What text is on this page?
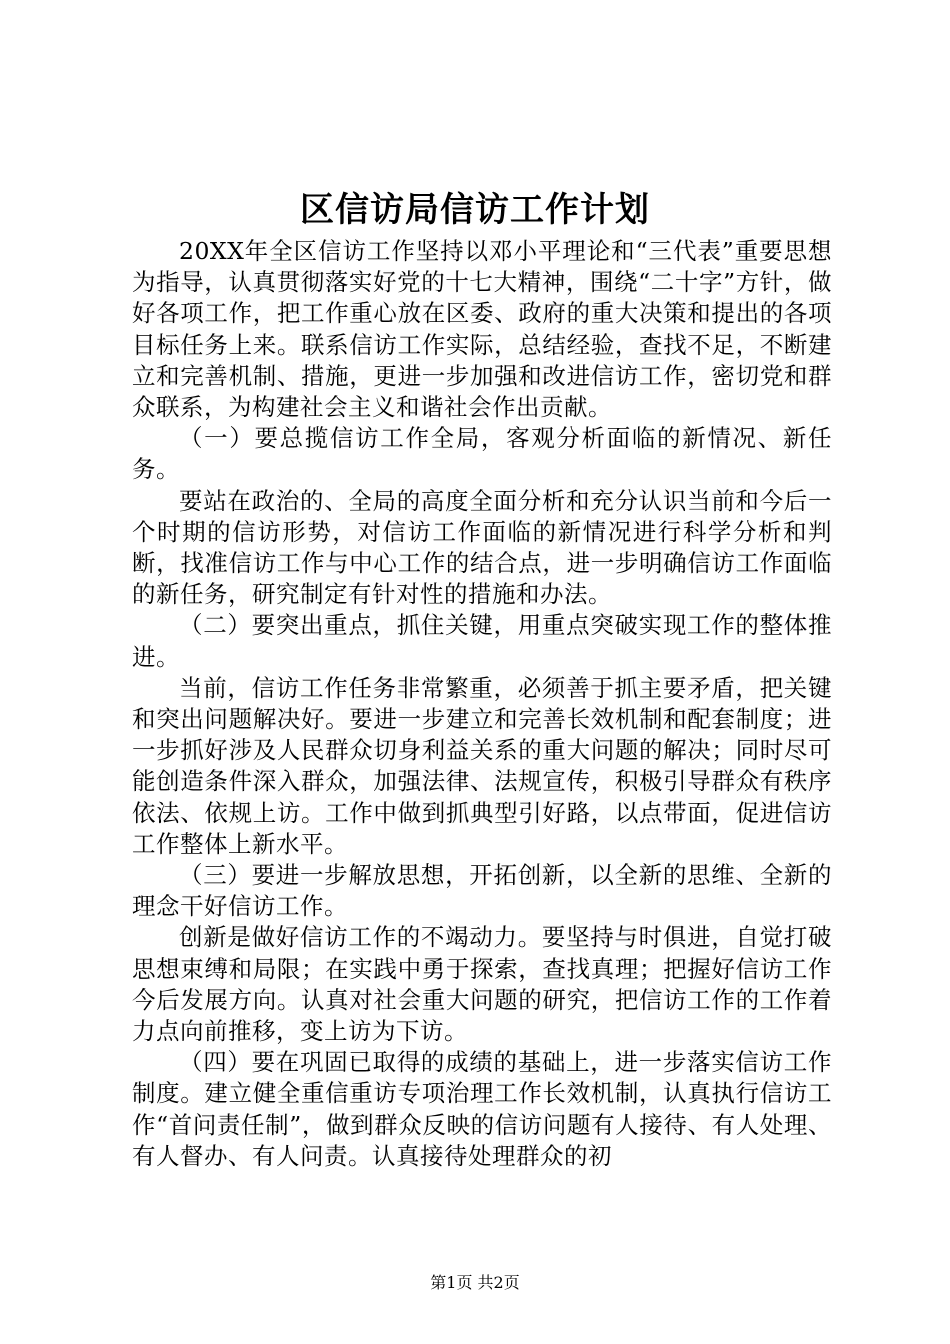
区信访局信访工作计划

20XX年全区信访工作坚持以邓小平理论和“三代表”重要思想为指导，认真贯彻落实好党的十七大精神，围绕“二十字”方针，做好各项工作，把工作重心放在区委、政府的重大决策和提出的各项目标任务上来。联系信访工作实际，总结经验，查找不足，不断建立和完善机制、措施，更进一步加强和改进信访工作，密切党和群众联系，为构建社会主义和谐社会作出贡献。

（一）要总揽信访工作全局，客观分析面临的新情况、新任务。

要站在政治的、全局的高度全面分析和充分认识当前和今后一个时期的信访形势，对信访工作面临的新情况进行科学分析和判断，找准信访工作与中心工作的结合点，进一步明确信访工作面临的新任务，研究制定有针对性的措施和办法。

（二）要突出重点，抓住关键，用重点突破实现工作的整体推进。

当前，信访工作任务非常繁重，必须善于抓主要矛盾，把关键和突出问题解决好。要进一步建立和完善长效机制和配套制度；进一步抓好涉及人民群众切身利益关系的重大问题的解决；同时尽可能创造条件深入群众，加强法律、法规宣传，积极引导群众有秩序依法、依规上访。工作中做到抓典型引好路，以点带面，促进信访工作整体上新水平。

（三）要进一步解放思想，开拓创新，以全新的思维、全新的理念干好信访工作。

创新是做好信访工作的不竭动力。要坚持与时俱进，自觉打破思想束缚和局限；在实践中勇于探索，查找真理；把握好信访工作今后发展方向。认真对社会重大问题的研究，把信访工作的工作着力点向前推移，变上访为下访。

（四）要在巩固已取得的成绩的基础上，进一步落实信访工作制度。建立健全重信重访专项治理工作长效机制，认真执行信访工作“首问责任制”，做到群众反映的信访问题有人接待、有人处理、有人督办、有人问责。认真接待处理群众的初

第1页 共2页
